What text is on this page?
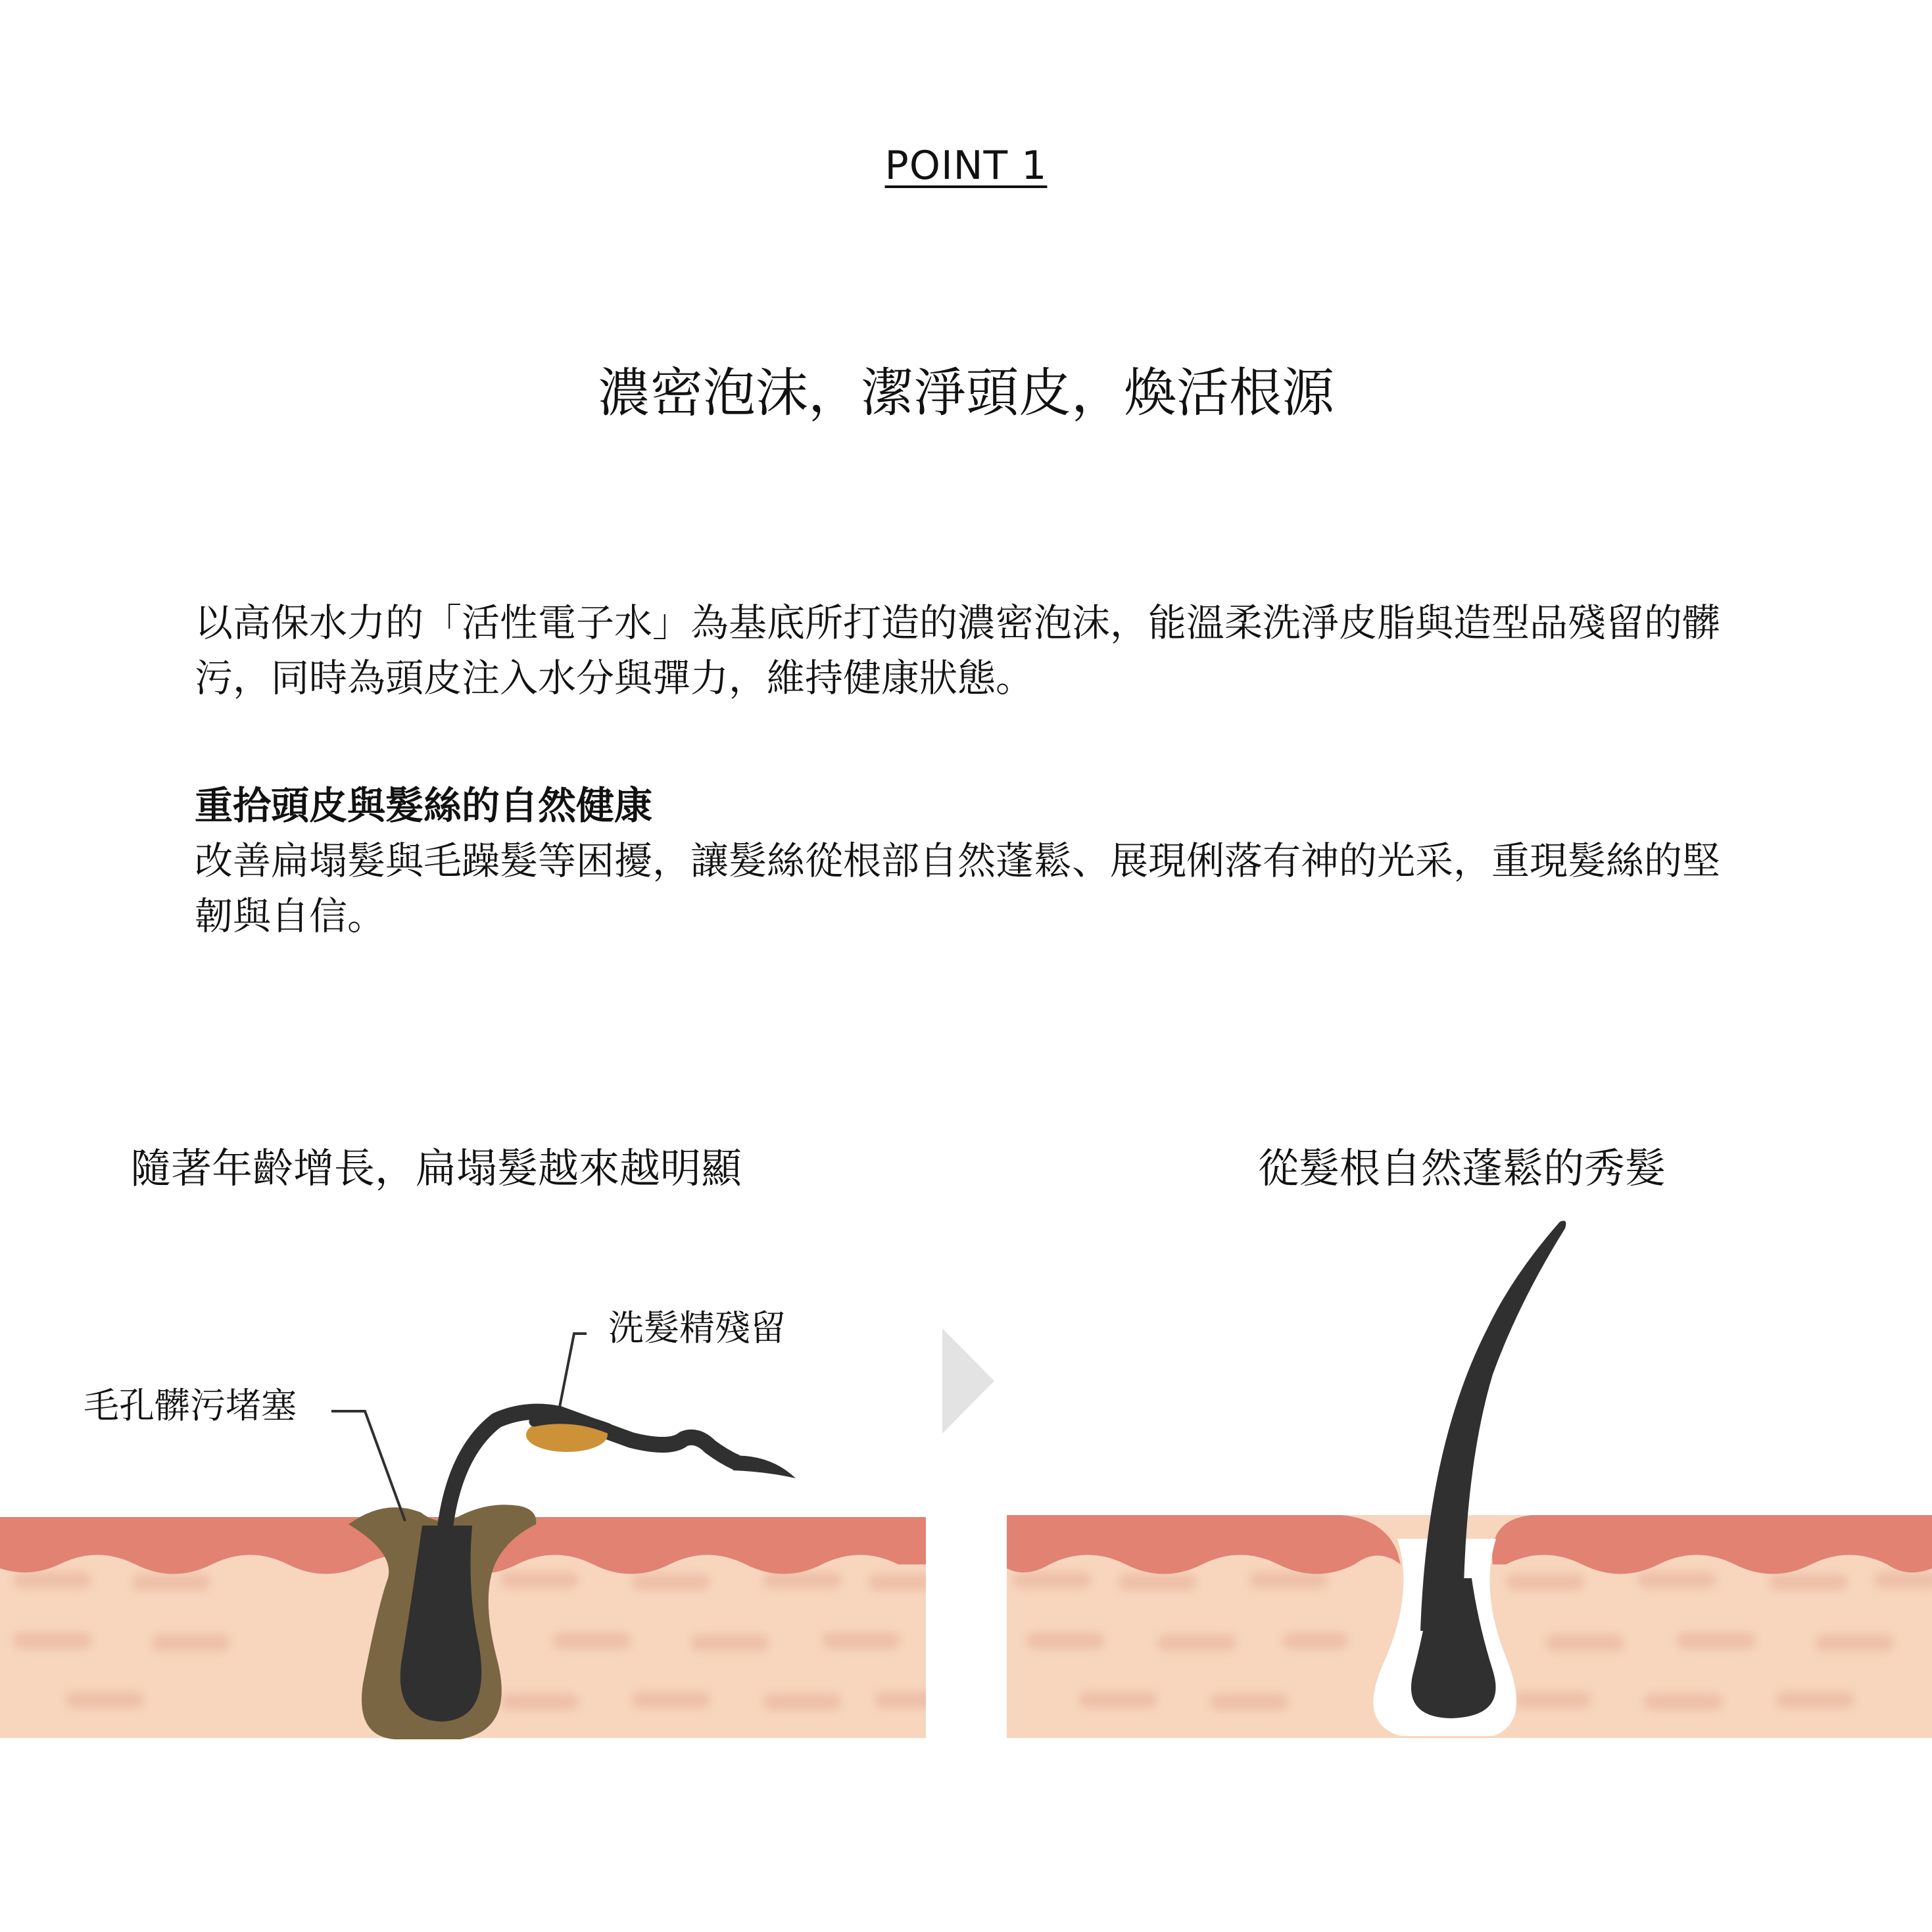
POINT 1
濃密泡沫，潔淨頭皮，煥活根源
以高保水力的「活性電子水」為基底所打造的濃密泡沫，能溫柔洗淨皮脂與造型品殘留的髒污，同時為頭皮注入水分與彈力，維持健康狀態。
重拾頭皮與髮絲的自然健康
改善扁塌髮與毛躁髮等困擾，讓髮絲從根部自然蓬鬆、展現俐落有神的光采，重現髮絲的堅韌與自信。
隨著年齡增長，扁塌髮越來越明顯	從髮根自然蓬鬆的秀髮
洗髮精殘留
毛孔髒污堵塞
